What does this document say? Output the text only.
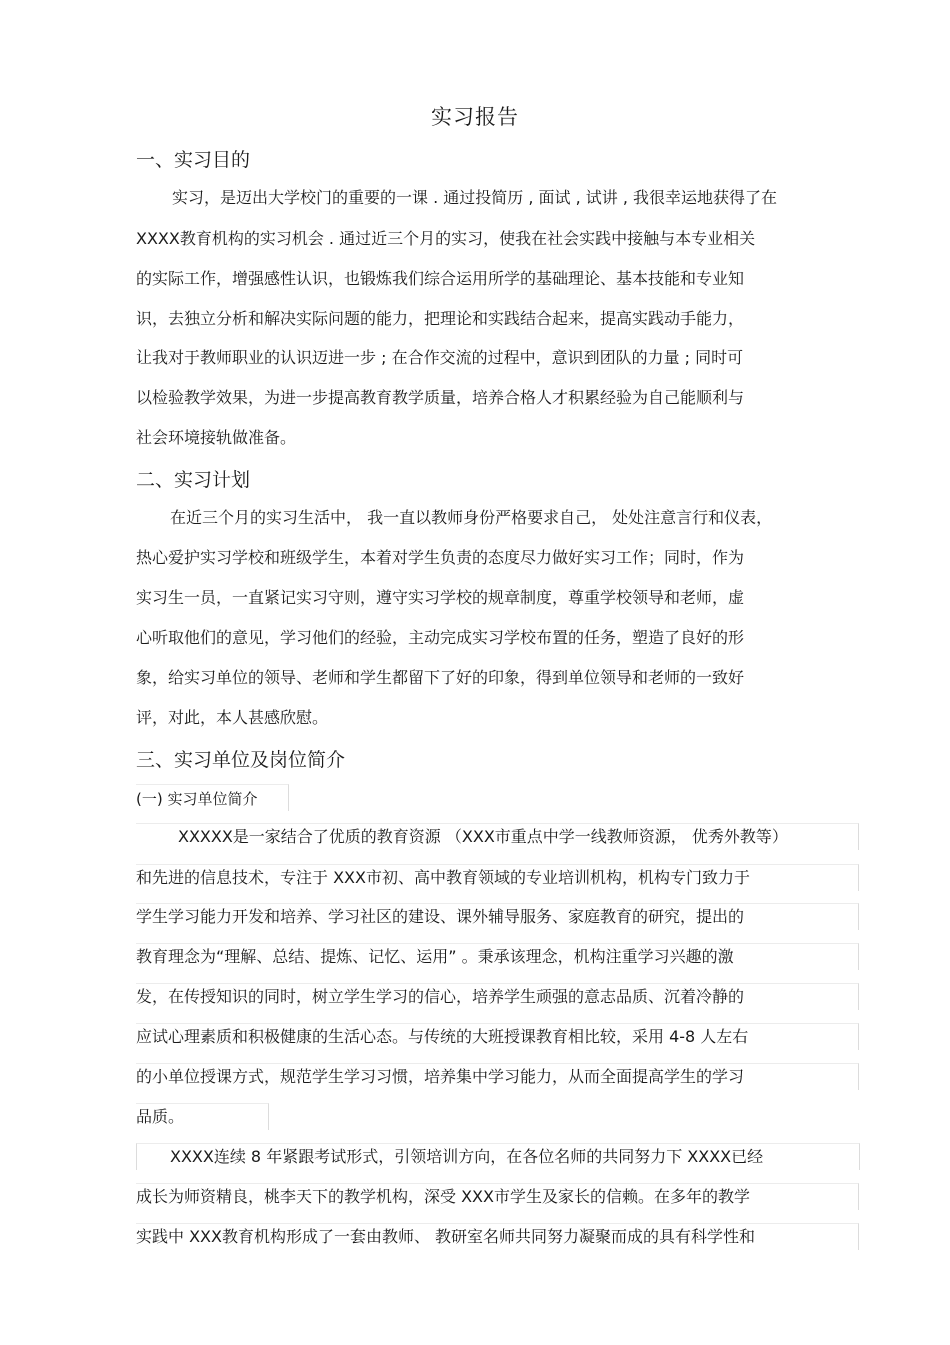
实习报告
一、实习目的
实习，是迈出大学校门的重要的一课 . 通过投简历 , 面试 , 试讲 , 我很幸运地获得了在
XXXX教育机构的实习机会 . 通过近三个月的实习，使我在社会实践中接触与本专业相关
的实际工作，增强感性认识，也锻炼我们综合运用所学的基础理论、基本技能和专业知
识，去独立分析和解决实际问题的能力，把理论和实践结合起来，提高实践动手能力，
让我对于教师职业的认识迈进一步 ; 在合作交流的过程中，意识到团队的力量 ; 同时可
以检验教学效果，为进一步提高教育教学质量，培养合格人才积累经验为自己能顺利与
社会环境接轨做准备。
二、实习计划
在近三个月的实习生活中， 我一直以教师身份严格要求自己， 处处注意言行和仪表，
热心爱护实习学校和班级学生，本着对学生负责的态度尽力做好实习工作；同时，作为
实习生一员，一直紧记实习守则，遵守实习学校的规章制度，尊重学校领导和老师，虚
心听取他们的意见，学习他们的经验，主动完成实习学校布置的任务，塑造了良好的形
象，给实习单位的领导、老师和学生都留下了好的印象，得到单位领导和老师的一致好
评，对此，本人甚感欣慰。
三、实习单位及岗位简介
(一) 实习单位简介
XXXXX是一家结合了优质的教育资源 （XXX市重点中学一线教师资源， 优秀外教等）
和先进的信息技术，专注于 XXX市初、高中教育领域的专业培训机构，机构专门致力于
学生学习能力开发和培养、学习社区的建设、课外辅导服务、家庭教育的研究，提出的
教育理念为“理解、总结、提炼、记忆、运用” 。秉承该理念，机构注重学习兴趣的激
发，在传授知识的同时，树立学生学习的信心，培养学生顽强的意志品质、沉着冷静的
应试心理素质和积极健康的生活心态。与传统的大班授课教育相比较，采用 4-8 人左右
的小单位授课方式，规范学生学习习惯，培养集中学习能力，从而全面提高学生的学习
品质。
XXXX连续 8 年紧跟考试形式，引领培训方向，在各位名师的共同努力下 XXXX已经
成长为师资精良，桃李天下的教学机构，深受 XXX市学生及家长的信赖。在多年的教学
实践中 XXX教育机构形成了一套由教师、 教研室名师共同努力凝聚而成的具有科学性和
